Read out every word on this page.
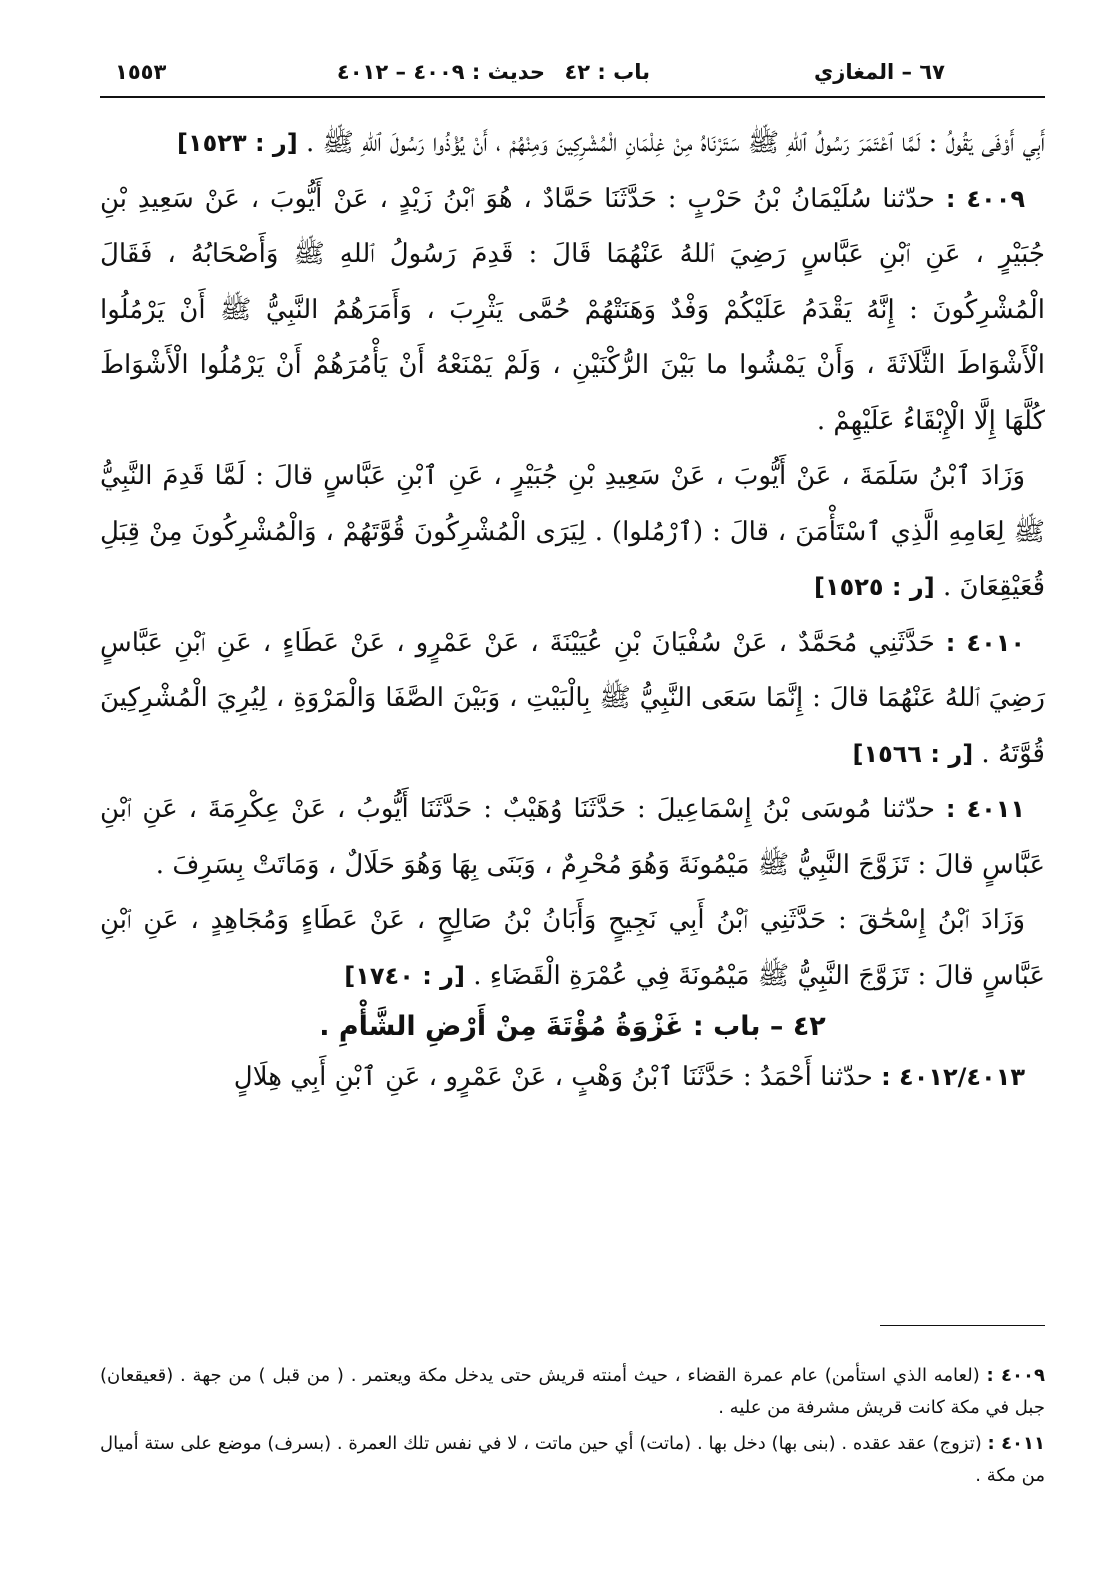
٦٧ – المغازي
باب : ٤٢
حديث : ٤٠٠٩ – ٤٠١٢
١٥٥٣

أَبِي أَوْفَى يَقُولُ : لَمَّا ٱعْتَمَرَ رَسُولُ ٱللهِ ﷺ سَتَرْنَاهُ مِنْ غِلْمَانِ الْمُشْرِكِينَ وَمِنْهُمْ ، أَنْ يُؤْذُوا رَسُولَ ٱللهِ ﷺ . [ر : ١٥٢٣]

٤٠٠٩ : حدّثنا سُلَيْمَانُ بْنُ حَرْبٍ : حَدَّثَنَا حَمَّادٌ ، هُوَ ٱبْنُ زَيْدٍ ، عَنْ أَيُّوبَ ، عَنْ سَعِيدِ بْنِ جُبَيْرٍ ، عَنِ ٱبْنِ عَبَّاسٍ رَضِيَ ٱللهُ عَنْهُمَا قَالَ : قَدِمَ رَسُولُ ٱللهِ ﷺ وَأَصْحَابُهُ ، فَقَالَ الْمُشْرِكُونَ : إِنَّهُ يَقْدَمُ عَلَيْكُمْ وَفْدٌ وَهَنَتْهُمْ حُمَّى يَثْرِبَ ، وَأَمَرَهُمُ النَّبِيُّ ﷺ أَنْ يَرْمُلُوا الْأَشْوَاطَ الثَّلَاثَةَ ، وَأَنْ يَمْشُوا ما بَيْنَ الرُّكْنَيْنِ ، وَلَمْ يَمْنَعْهُ أَنْ يَأْمُرَهُمْ أَنْ يَرْمُلُوا الْأَشْوَاطَ كُلَّهَا إِلَّا الْإِبْقَاءُ عَلَيْهِمْ .

وَزَادَ ٱبْنُ سَلَمَةَ ، عَنْ أَيُّوبَ ، عَنْ سَعِيدِ بْنِ جُبَيْرٍ ، عَنِ ٱبْنِ عَبَّاسٍ قالَ : لَمَّا قَدِمَ النَّبِيُّ ﷺ لِعَامِهِ الَّذِي ٱسْتَأْمَنَ ، قالَ : (ٱرْمُلوا) . لِيَرَى الْمُشْرِكُونَ قُوَّتَهُمْ ، وَالْمُشْرِكُونَ مِنْ قِبَلِ قُعَيْقِعَانَ . [ر : ١٥٢٥]

٤٠١٠ : حَدَّثَنِي مُحَمَّدٌ ، عَنْ سُفْيَانَ بْنِ عُيَيْنَةَ ، عَنْ عَمْرٍو ، عَنْ عَطَاءٍ ، عَنِ ٱبْنِ عَبَّاسٍ رَضِيَ ٱللهُ عَنْهُمَا قالَ : إِنَّمَا سَعَى النَّبِيُّ ﷺ بِالْبَيْتِ ، وَبَيْنَ الصَّفَا وَالْمَرْوَةِ ، لِيُرِيَ الْمُشْرِكِينَ قُوَّتَهُ . [ر : ١٥٦٦]

٤٠١١ : حدّثنا مُوسَى بْنُ إِسْمَاعِيلَ : حَدَّثَنَا وُهَيْبٌ : حَدَّثَنَا أَيُّوبُ ، عَنْ عِكْرِمَةَ ، عَنِ ٱبْنِ عَبَّاسٍ قالَ : تَزَوَّجَ النَّبِيُّ ﷺ مَيْمُونَةَ وَهُوَ مُحْرِمٌ ، وَبَنَى بِهَا وَهُوَ حَلَالٌ ، وَمَاتَتْ بِسَرِفَ .

وَزَادَ ٱبْنُ إِسْحَٰقَ : حَدَّثَنِي ٱبْنُ أَبِي نَجِيحٍ وَأَبَانُ بْنُ صَالِحٍ ، عَنْ عَطَاءٍ وَمُجَاهِدٍ ، عَنِ ٱبْنِ عَبَّاسٍ قالَ : تَزَوَّجَ النَّبِيُّ ﷺ مَيْمُونَةَ فِي عُمْرَةِ الْقَضَاءِ . [ر : ١٧٤٠]

٤٢ – باب : غَزْوَةُ مُؤْتَةَ مِنْ أَرْضِ الشَّأْمِ .

٤٠١٢/٤٠١٣ : حدّثنا أَحْمَدُ : حَدَّثَنَا ٱبْنُ وَهْبٍ ، عَنْ عَمْرٍو ، عَنِ ٱبْنِ أَبِي هِلَالٍ

٤٠٠٩ : (لعامه الذي استأمن) عام عمرة القضاء ، حيث أمنته قريش حتى يدخل مكة ويعتمر . ( من قبل ) من جهة . (قعيقعان) جبل في مكة كانت قريش مشرفة من عليه .

٤٠١١ : (تزوج) عقد عقده . (بنى بها) دخل بها . (ماتت) أي حين ماتت ، لا في نفس تلك العمرة . (بسرف) موضع على ستة أميال من مكة .
